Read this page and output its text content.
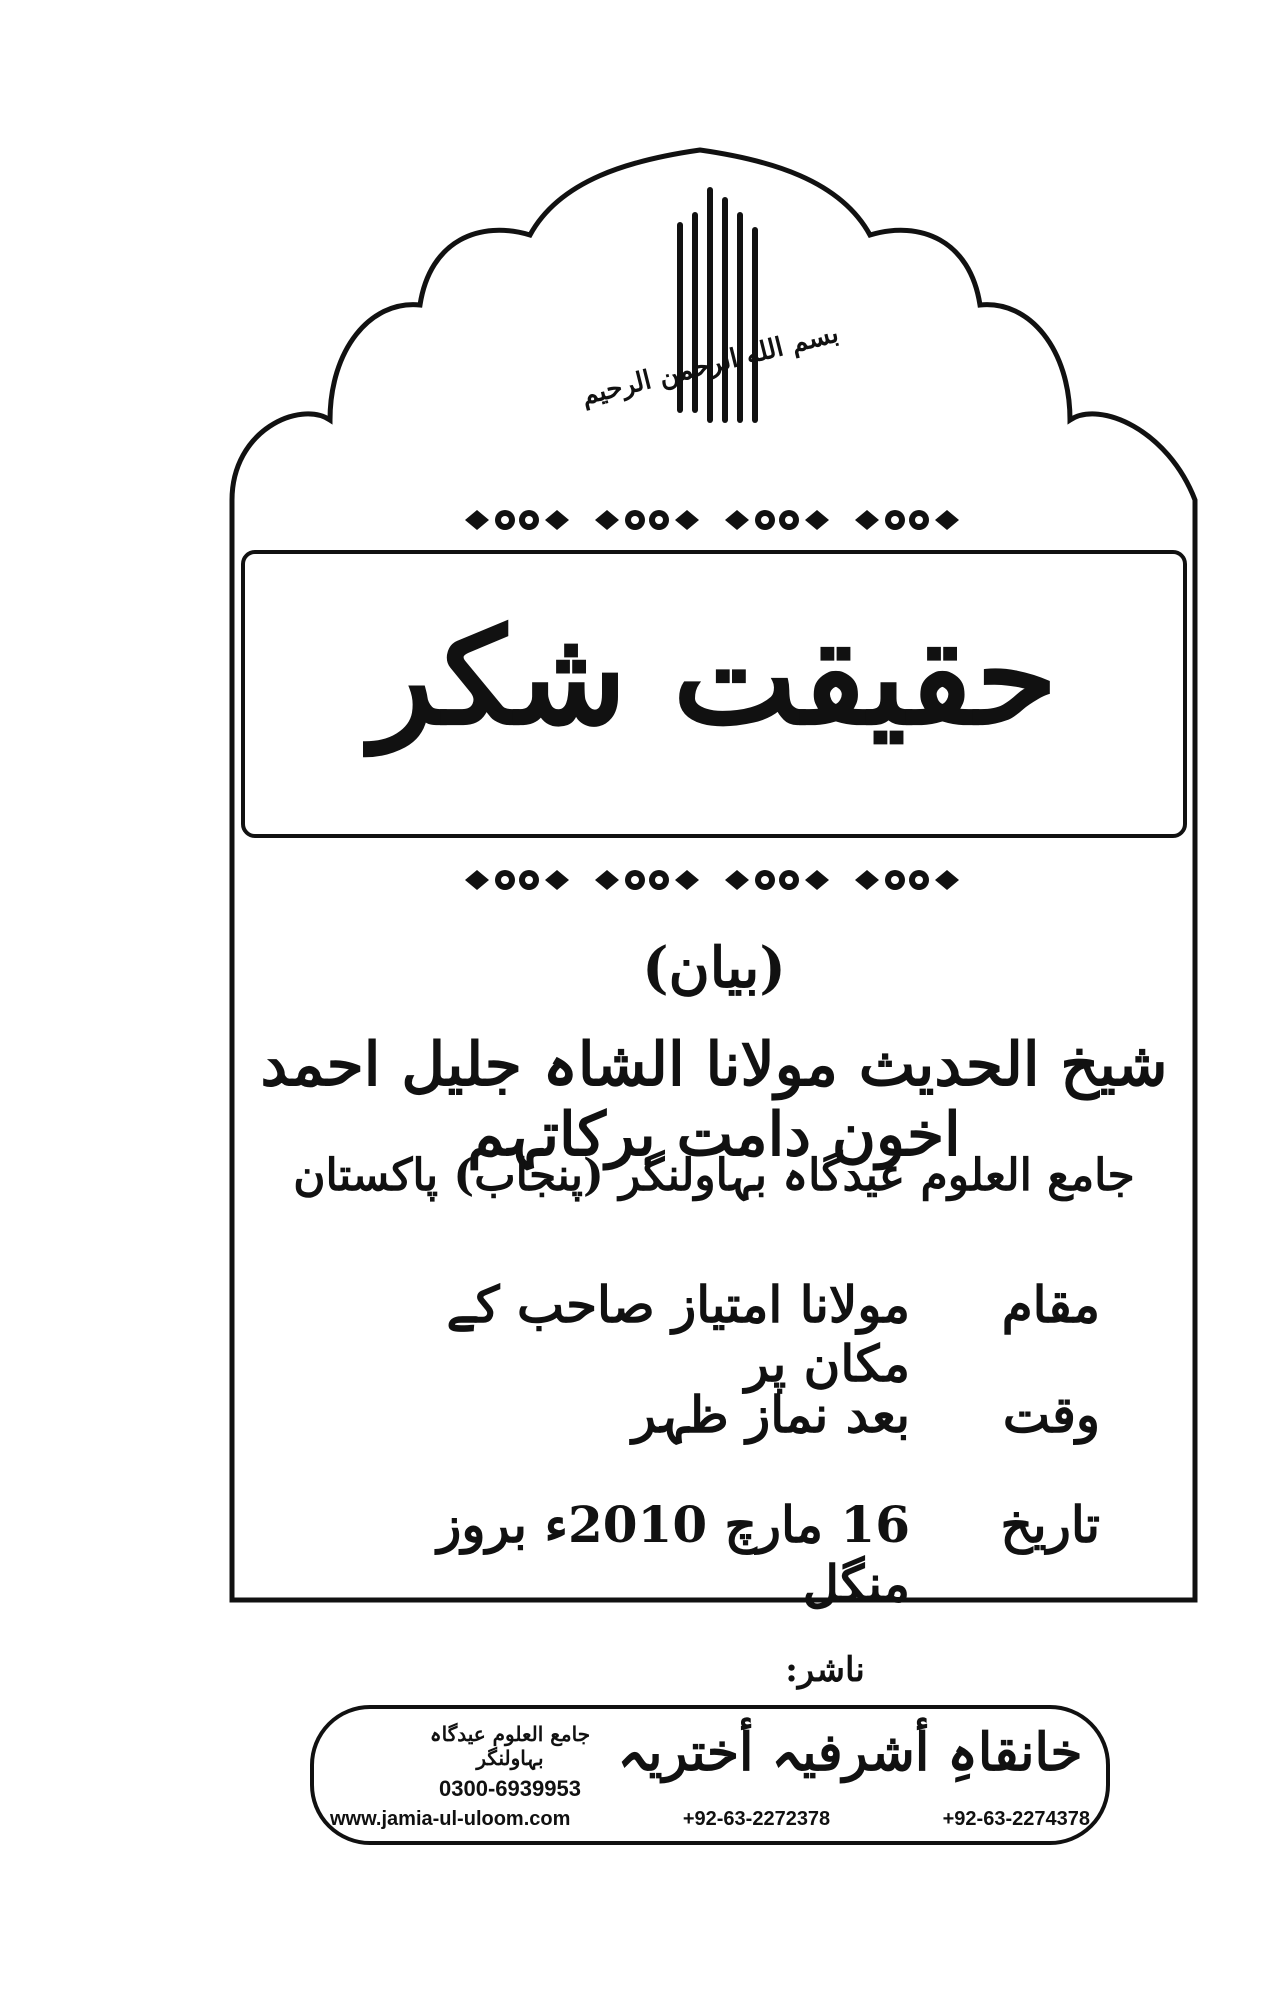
بسم الله الرحمن الرحيم
حقیقت شکر
(بیان)
شیخ الحدیث مولانا الشاہ جلیل احمد اخون دامت برکاتہم
جامع العلوم عیدگاہ بہاولنگر (پنجاب) پاکستان
مقام
مولانا امتیاز صاحب کے مکان پر
وقت
بعد نماز ظہر
تاریخ
16 مارچ 2010ء بروز منگل
ناشر:
خانقاہِ أشرفیہ أختریہ
جامع العلوم عیدگاہ بہاولنگر
0300-6939953
www.jamia-ul-uloom.com	+92-63-2272378	+92-63-2274378
